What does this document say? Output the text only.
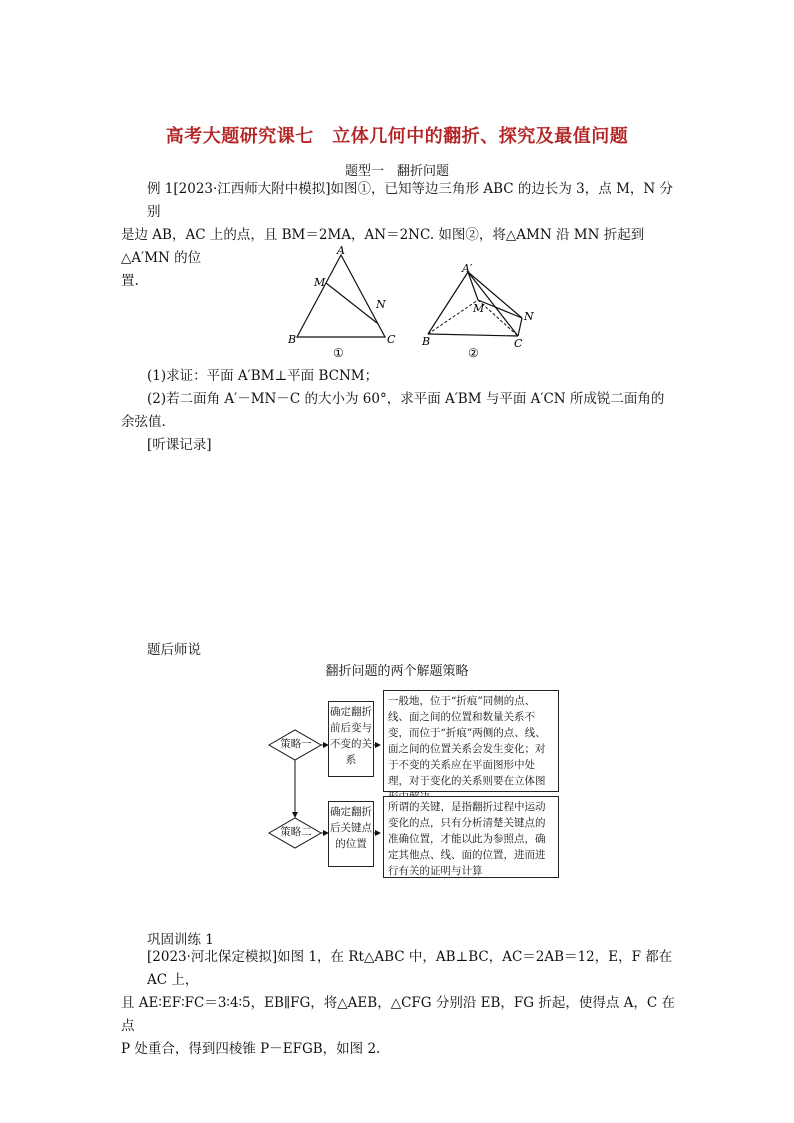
高考大题研究课七　立体几何中的翻折、探究及最值问题
题型一　翻折问题
例 1[2023·江西师大附中模拟]如图①，已知等边三角形 ABC 的边长为 3，点 M，N 分别
是边 AB，AC 上的点，且 BM＝2MA，AN＝2NC. 如图②，将△AMN 沿 MN 折起到△A′MN 的位
置.
A
B	C
M
N
①
A′
B	C
M
N
②
(1)求证：平面 A′BM⊥平面 BCNM；
(2)若二面角 A′－MN－C 的大小为 60°，求平面 A′BM 与平面 A′CN 所成锐二面角的
余弦值.
[听课记录]
题后师说
翻折问题的两个解题策略
策略一
策略二
确定翻折前后变与不变的关系
确定翻折后关键点的位置
一般地，位于“折痕”同侧的点、线、面之间的位置和数量关系不变，而位于“折痕”两侧的点、线、面之间的位置关系会发生变化；对于不变的关系应在平面图形中处理，对于变化的关系则要在立体图
所谓的关键，是指翻折过程中运动变化的点，只有分析清楚关键点的准确位置，才能以此为参照点，确定其他点、线、面的位置，进而进行有关的证明与计算
巩固训练 1
[2023·河北保定模拟]如图 1，在 Rt△ABC 中，AB⊥BC，AC＝2AB＝12，E，F 都在 AC 上，
且 AE∶EF∶FC＝3∶4∶5，EB∥FG，将△AEB，△CFG 分别沿 EB，FG 折起，使得点 A，C 在点
P 处重合，得到四棱锥 P－EFGB，如图 2.
